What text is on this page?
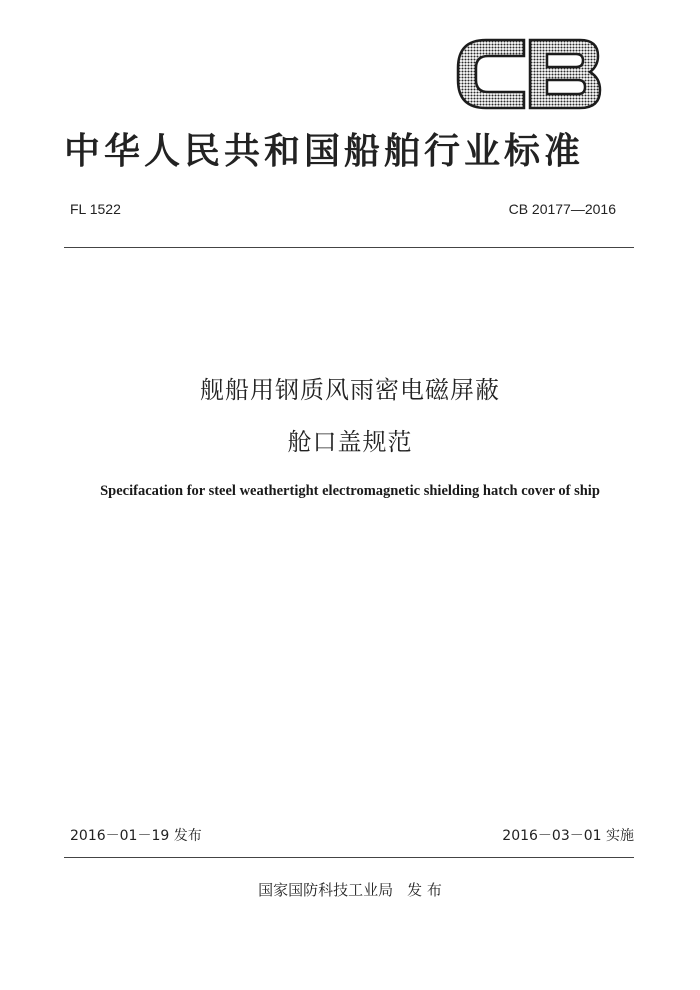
中华人民共和国船舶行业标准
FL 1522	CB 20177—2016
舰船用钢质风雨密电磁屏蔽
舱口盖规范
Specifacation for steel weathertight electromagnetic shielding hatch cover of ship
2016－01－19 发布	2016－03－01 实施
国家国防科技工业局 发 布
